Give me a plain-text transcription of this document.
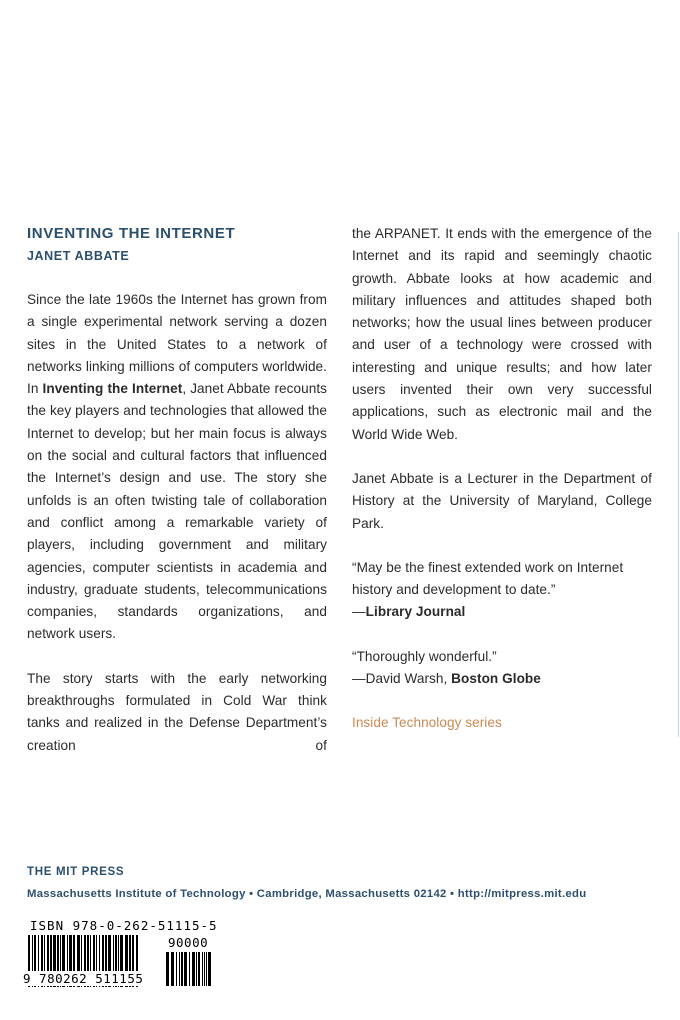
INVENTING THE INTERNET
JANET ABBATE

Since the late 1960s the Internet has grown from a single experimental network serving a dozen sites in the United States to a network of networks linking millions of computers worldwide. In Inventing the Internet, Janet Abbate recounts the key players and technologies that allowed the Internet to develop; but her main focus is always on the social and cultural factors that influenced the Internet’s design and use. The story she unfolds is an often twisting tale of collaboration and conflict among a remarkable variety of players, including government and military agencies, computer scientists in academia and industry, graduate students, telecommunications companies, standards organizations, and network users.

The story starts with the early networking breakthroughs formulated in Cold War think tanks and realized in the Defense Department’s creation of

the ARPANET. It ends with the emergence of the Internet and its rapid and seemingly chaotic growth. Abbate looks at how academic and military influences and attitudes shaped both networks; how the usual lines between producer and user of a technology were crossed with interesting and unique results; and how later users invented their own very successful applications, such as electronic mail and the World Wide Web.

Janet Abbate is a Lecturer in the Department of History at the University of Maryland, College Park.

“May be the finest extended work on Internet history and development to date.”
—Library Journal

“Thoroughly wonderful.”
—David Warsh, Boston Globe

Inside Technology series

THE MIT PRESS
Massachusetts Institute of Technology • Cambridge, Massachusetts 02142 • http://mitpress.mit.edu
ISBN 978-0-262-51115-5
90000
9 780262 511155
